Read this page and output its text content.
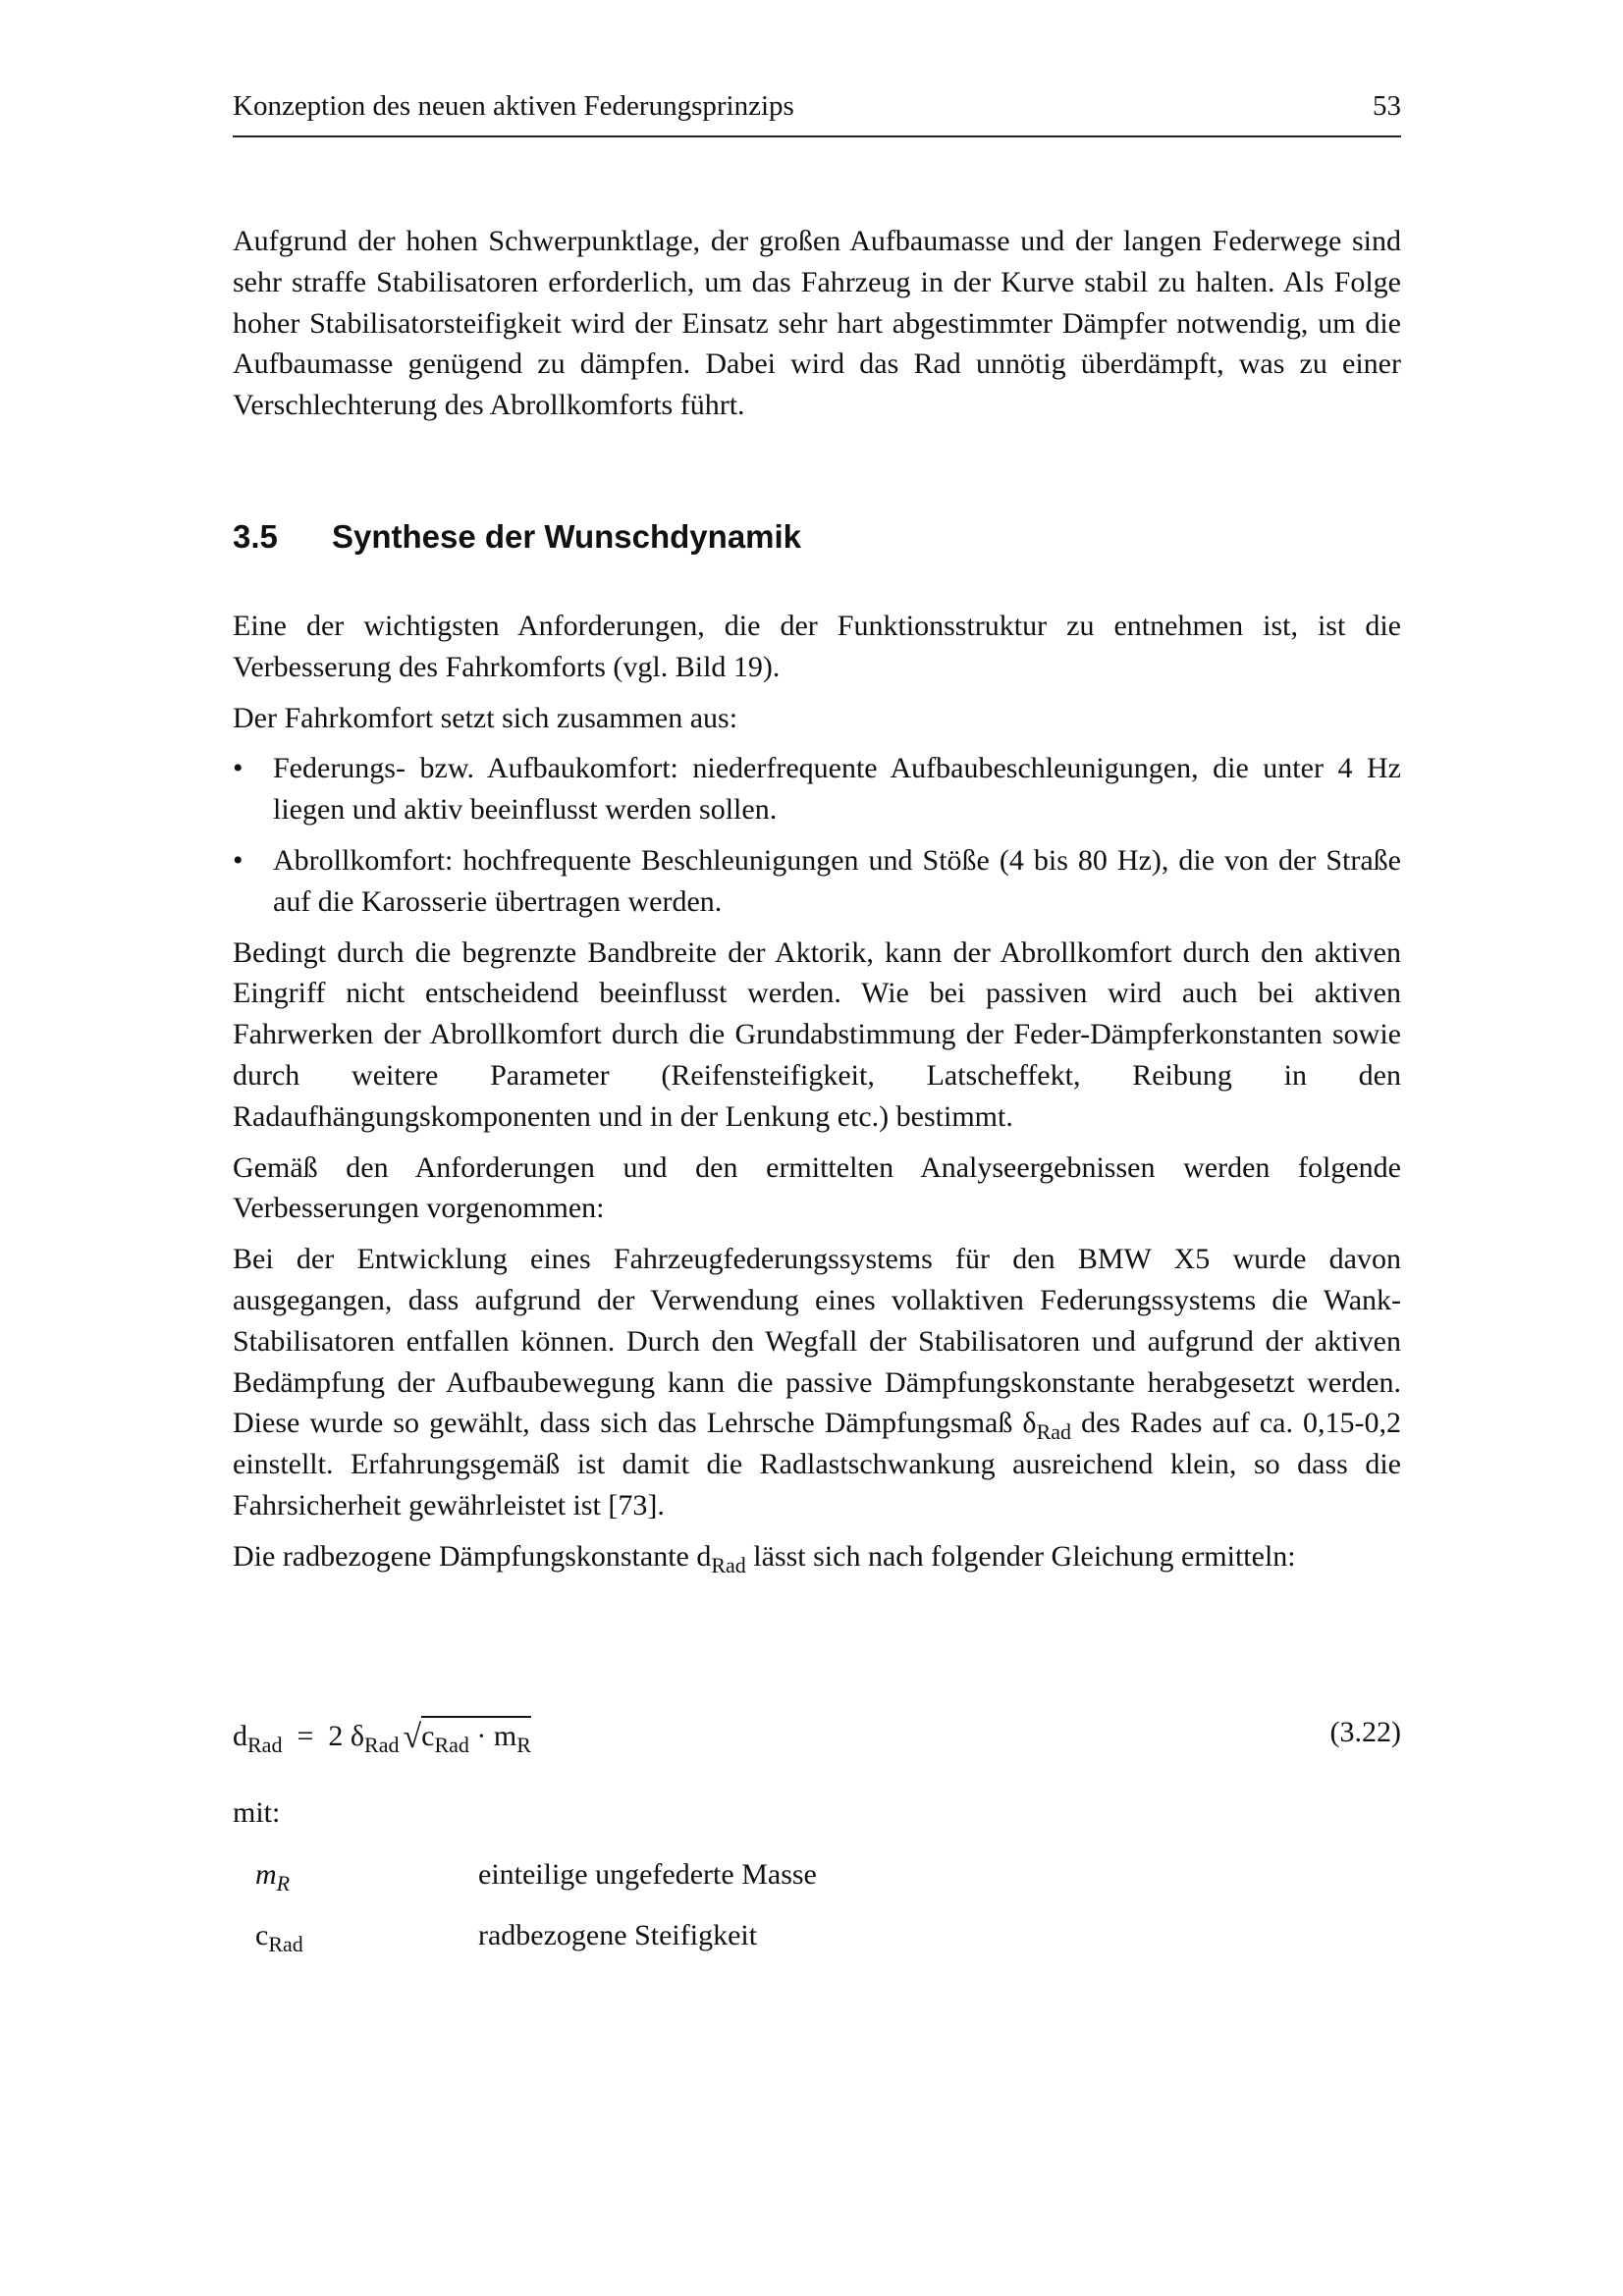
Konzeption des neuen aktiven Federungsprinzips	53

Aufgrund der hohen Schwerpunktlage, der großen Aufbaumasse und der langen Federwege sind sehr straffe Stabilisatoren erforderlich, um das Fahrzeug in der Kurve stabil zu halten. Als Folge hoher Stabilisatorsteifigkeit wird der Einsatz sehr hart abgestimmter Dämpfer notwendig, um die Aufbaumasse genügend zu dämpfen. Dabei wird das Rad unnötig überdämpft, was zu einer Verschlechterung des Abrollkomforts führt.

3.5 Synthese der Wunschdynamik

Eine der wichtigsten Anforderungen, die der Funktionsstruktur zu entnehmen ist, ist die Verbesserung des Fahrkomforts (vgl. Bild 19).

Der Fahrkomfort setzt sich zusammen aus:

• Federungs- bzw. Aufbaukomfort: niederfrequente Aufbaubeschleunigungen, die unter 4 Hz liegen und aktiv beeinflusst werden sollen.
• Abrollkomfort: hochfrequente Beschleunigungen und Stöße (4 bis 80 Hz), die von der Straße auf die Karosserie übertragen werden.

Bedingt durch die begrenzte Bandbreite der Aktorik, kann der Abrollkomfort durch den aktiven Eingriff nicht entscheidend beeinflusst werden. Wie bei passiven wird auch bei aktiven Fahrwerken der Abrollkomfort durch die Grundabstimmung der Feder-Dämpferkonstanten sowie durch weitere Parameter (Reifensteifigkeit, Latscheffekt, Reibung in den Radaufhängungskomponenten und in der Lenkung etc.) bestimmt.

Gemäß den Anforderungen und den ermittelten Analyseergebnissen werden folgende Verbesserungen vorgenommen:

Bei der Entwicklung eines Fahrzeugfederungssystems für den BMW X5 wurde davon ausgegangen, dass aufgrund der Verwendung eines vollaktiven Federungssystems die Wank-Stabilisatoren entfallen können. Durch den Wegfall der Stabilisatoren und aufgrund der aktiven Bedämpfung der Aufbaubewegung kann die passive Dämpfungskonstante herabgesetzt werden. Diese wurde so gewählt, dass sich das Lehrsche Dämpfungsmaß $\delta_{Rad}$ des Rades auf ca. 0,15-0,2 einstellt. Erfahrungsgemäß ist damit die Radlastschwankung ausreichend klein, so dass die Fahrsicherheit gewährleistet ist [73].

Die radbezogene Dämpfungskonstante $d_{Rad}$ lässt sich nach folgender Gleichung ermitteln:

$d_{Rad} = 2$ $\delta_{Rad}$ $√c_{Rad} \cdot m_R$	(3.22)
mit:
$m_R$	einteilige ungefederte Masse
$c_{Rad}$	radbezogene Steifigkeit
